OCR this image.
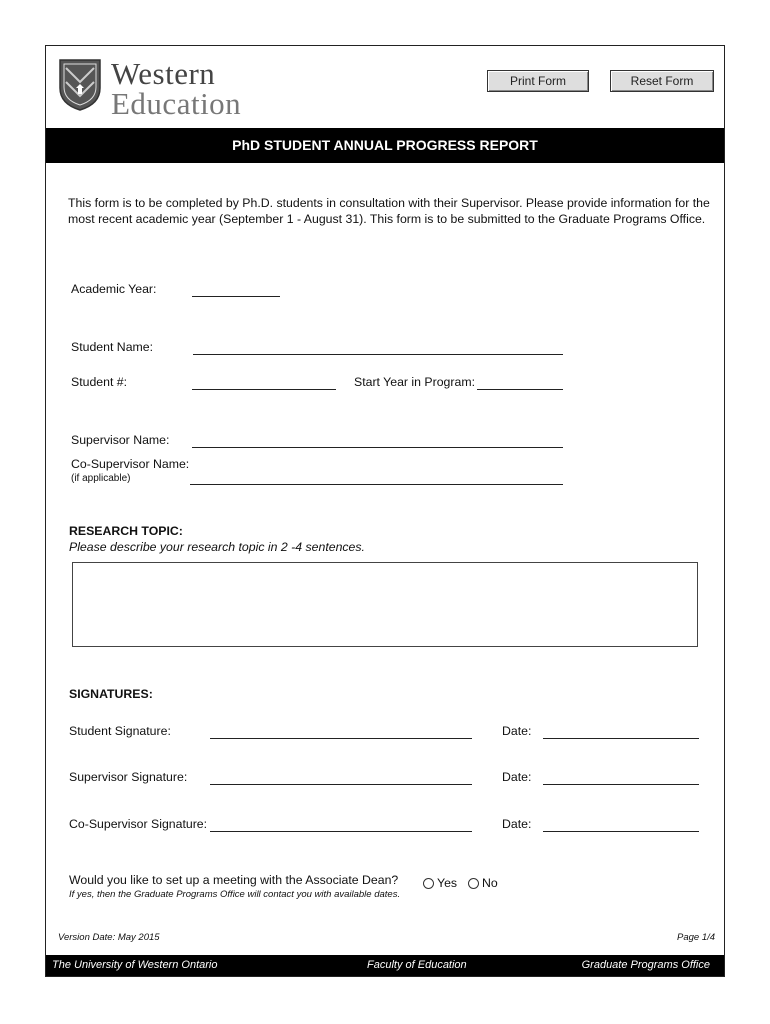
Western
Education
Print Form	Reset Form
PhD STUDENT ANNUAL PROGRESS REPORT
This form is to be completed by Ph.D. students in consultation with their Supervisor. Please provide information for the most recent academic year (September 1 - August 31). This form is to be submitted to the Graduate Programs Office.
Academic Year:
Student Name:
Student #:	Start Year in Program:
Supervisor Name:
Co-Supervisor Name:
(if applicable)
RESEARCH TOPIC:
Please describe your research topic in 2 -4 sentences.
SIGNATURES:
Student Signature:	Date:
Supervisor Signature:	Date:
Co-Supervisor Signature:	Date:
Would you like to set up a meeting with the Associate Dean?
If yes, then the Graduate Programs Office will contact you with available dates.
Yes No
Version Date: May 2015	Page 1/4
The University of Western Ontario	Faculty of Education	Graduate Programs Office
